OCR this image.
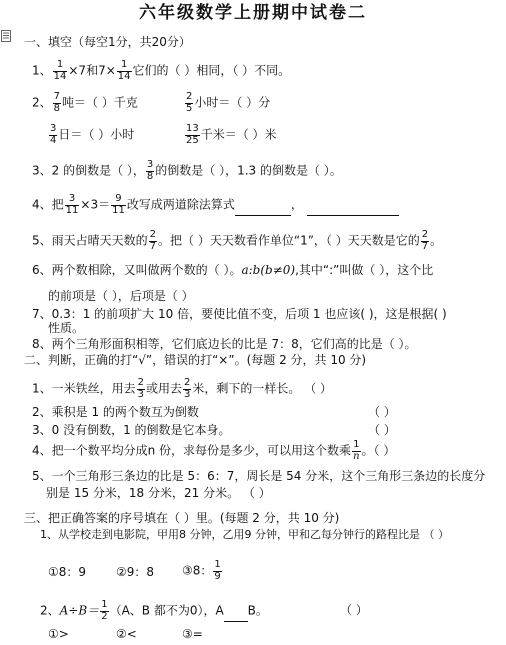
六年级数学上册期中试卷二
一、填空（每空1分，共20分）
1、 $\frac{1}{14} \times 7$和$7\times \frac{1}{14}$ 它们的（ ）相同，（ ）不同。
2、 $\frac{7}{8}$ 吨＝（ ）千克	$\frac{2}{5}$ 小时＝（ ）分
$\frac{3}{4}$ 日＝（ ）小时	$\frac{13}{25}$ 千米＝（ ）米
3、2 的倒数是（ ）， $\frac{3}{8}$ 的倒数是（ ），1.3 的倒数是（ ）。
4、把 $\frac{3}{11} \times 3= \frac{9}{11}$ 改写成两道除法算式	，
5、雨天占晴天天数的 $\frac{2}{7}$ 。把（ ）天天数看作单位“1”，（ ）天天数是它的 $\frac{2}{7}$ 。
6、两个数相除，又叫做两个数的（ ）。a:b(b≠0),其中“:”叫做（ ），这个比
的前项是（ ），后项是（ ）
7、0.3：1 的前项扩大 10 倍，要使比值不变，后项 1 也应该( )，这是根据( )
性质。
8、两个三角形面积相等，它们底边长的比是 7：8，它们高的比是（ ）。
二、判断，正确的打“√”，错误的打“×”。(每题 2 分，共 10 分)
1、一米铁丝，用去 $\frac{2}{3}$ 或用去 $\frac{2}{3}$ 米，剩下的一样长。 （ ）
2、乘积是 1 的两个数互为倒数	（ ）
3、0 没有倒数，1 的倒数是它本身。	（ ）
4、把一个数平均分成n 份，求每份是多少，可以用这个数乘 $\frac{1}{n}$ 。（ ）
5、一个三角形三条边的比是 5：6：7，周长是 54 分米，这个三角形三条边的长度分
别是 15 分米，18 分米，21 分米。 （ ）
三、把正确答案的序号填在（ ）里。(每题 2 分，共 10 分)
1、从学校走到电影院，甲用8 分钟，乙用9 分钟，甲和乙每分钟行的路程比是 （ ）
①8：9 ②9：8 ③8： $\frac{1}{9}$
2、$A\div B= \frac{1}{2} (A$、B 都不为0），A B。	（ ）
①>	②<	③=
